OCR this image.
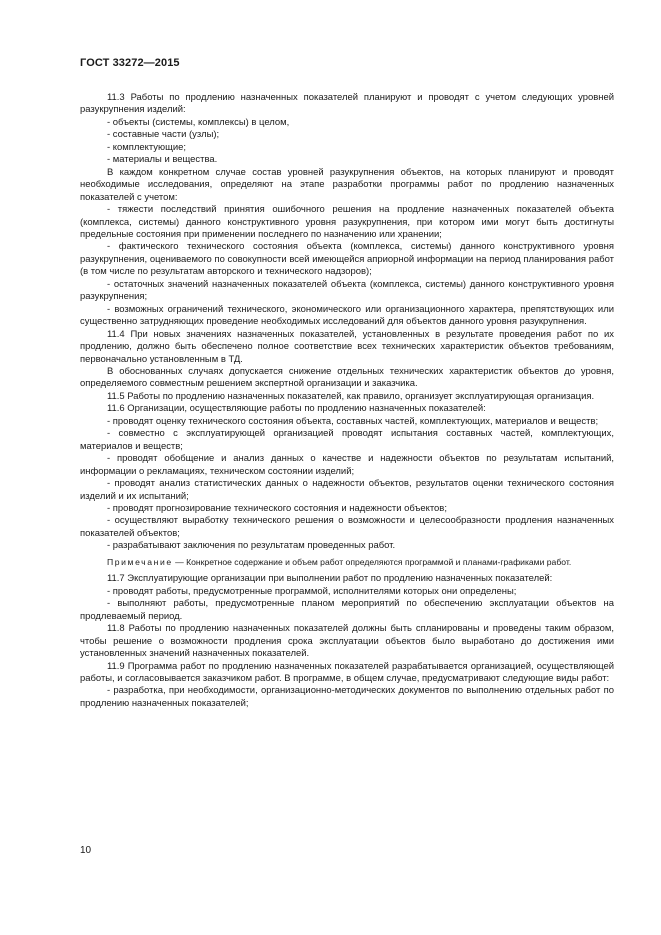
ГОСТ 33272—2015

11.3 Работы по продлению назначенных показателей планируют и проводят с учетом следующих уровней разукрупнения изделий:

- объекты (системы, комплексы) в целом,

- составные части (узлы);

- комплектующие;

- материалы и вещества.

В каждом конкретном случае состав уровней разукрупнения объектов, на которых планируют и проводят необходимые исследования, определяют на этапе разработки программы работ по продлению назначенных показателей с учетом:

- тяжести последствий принятия ошибочного решения на продление назначенных показателей объекта (комплекса, системы) данного конструктивного уровня разукрупнения, при котором ими могут быть достигнуты предельные состояния при применении последнего по назначению или хранении;

- фактического технического состояния объекта (комплекса, системы) данного конструктивного уровня разукрупнения, оцениваемого по совокупности всей имеющейся априорной информации на период планирования работ (в том числе по результатам авторского и технического надзоров);

- остаточных значений назначенных показателей объекта (комплекса, системы) данного конструктивного уровня разукрупнения;

- возможных ограничений технического, экономического или организационного характера, препятствующих или существенно затрудняющих проведение необходимых исследований для объектов данного уровня разукрупнения.

11.4 При новых значениях назначенных показателей, установленных в результате проведения работ по их продлению, должно быть обеспечено полное соответствие всех технических характеристик объектов требованиям, первоначально установленным в ТД.

В обоснованных случаях допускается снижение отдельных технических характеристик объектов до уровня, определяемого совместным решением экспертной организации и заказчика.

11.5 Работы по продлению назначенных показателей, как правило, организует эксплуатирующая организация.

11.6 Организации, осуществляющие работы по продлению назначенных показателей:

- проводят оценку технического состояния объекта, составных частей, комплектующих, материалов и веществ;

- совместно с эксплуатирующей организацией проводят испытания составных частей, комплектующих, материалов и веществ;

- проводят обобщение и анализ данных о качестве и надежности объектов по результатам испытаний, информации о рекламациях, техническом состоянии изделий;

- проводят анализ статистических данных о надежности объектов, результатов оценки технического состояния изделий и их испытаний;

- проводят прогнозирование технического состояния и надежности объектов;

- осуществляют выработку технического решения о возможности и целесообразности продления назначенных показателей объектов;

- разрабатывают заключения по результатам проведенных работ.

Примечание — Конкретное содержание и объем работ определяются программой и планами-графиками работ.

11.7 Эксплуатирующие организации при выполнении работ по продлению назначенных показателей:

- проводят работы, предусмотренные программой, исполнителями которых они определены;

- выполняют работы, предусмотренные планом мероприятий по обеспечению эксплуатации объектов на продлеваемый период.

11.8 Работы по продлению назначенных показателей должны быть спланированы и проведены таким образом, чтобы решение о возможности продления срока эксплуатации объектов было выработано до достижения ими установленных значений назначенных показателей.

11.9 Программа работ по продлению назначенных показателей разрабатывается организацией, осуществляющей работы, и согласовывается заказчиком работ. В программе, в общем случае, предусматривают следующие виды работ:

- разработка, при необходимости, организационно-методических документов по выполнению отдельных работ по продлению назначенных показателей;

10
